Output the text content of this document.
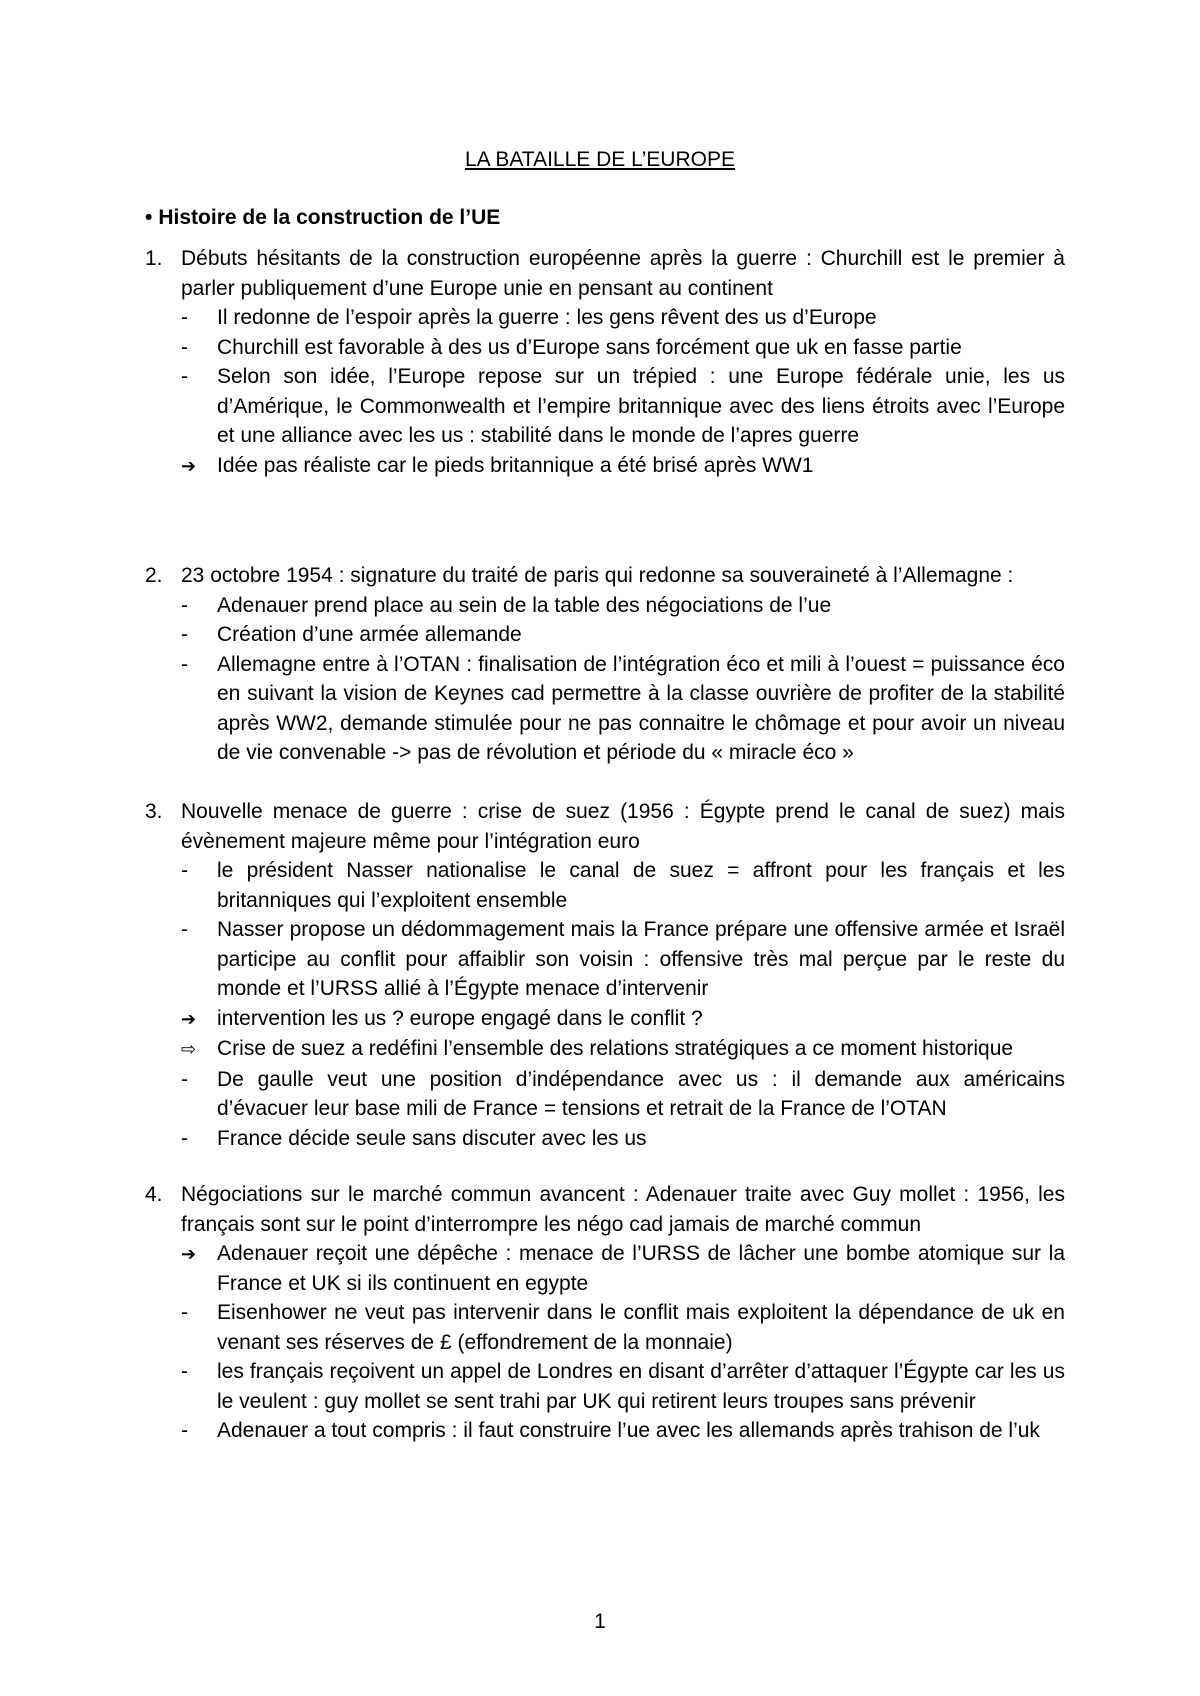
LA BATAILLE DE L’EUROPE
• Histoire de la construction de l’UE
1. Débuts hésitants de la construction européenne après la guerre : Churchill est le premier à parler publiquement d’une Europe unie en pensant au continent
-
Il redonne de l’espoir après la guerre : les gens rêvent des us d’Europe
-
Churchill est favorable à des us d’Europe sans forcément que uk en fasse partie
-
Selon son idée, l’Europe repose sur un trépied : une Europe fédérale unie, les us d’Amérique, le Commonwealth et l’empire britannique avec des liens étroits avec l’Europe et une alliance avec les us : stabilité dans le monde de l’apres guerre
➔
Idée pas réaliste car le pieds britannique a été brisé après WW1
2. 23 octobre 1954 : signature du traité de paris qui redonne sa souveraineté à l’Allemagne :
-
Adenauer prend place au sein de la table des négociations de l’ue
-
Création d’une armée allemande
-
Allemagne entre à l’OTAN : finalisation de l’intégration éco et mili à l’ouest = puissance éco en suivant la vision de Keynes cad permettre à la classe ouvrière de profiter de la stabilité après WW2, demande stimulée pour ne pas connaitre le chômage et pour avoir un niveau de vie convenable -> pas de révolution et période du « miracle éco »
3. Nouvelle menace de guerre : crise de suez (1956 : Égypte prend le canal de suez) mais évènement majeure même pour l’intégration euro
-
le président Nasser nationalise le canal de suez = affront pour les français et les britanniques qui l’exploitent ensemble
-
Nasser propose un dédommagement mais la France prépare une offensive armée et Israël participe au conflit pour affaiblir son voisin : offensive très mal perçue par le reste du monde et l’URSS allié à l’Égypte menace d’intervenir
➔
intervention les us ? europe engagé dans le conflit ?
⇨
Crise de suez a redéfini l’ensemble des relations stratégiques a ce moment historique
-
De gaulle veut une position d’indépendance avec us : il demande aux américains d’évacuer leur base mili de France = tensions et retrait de la France de l’OTAN
-
France décide seule sans discuter avec les us
4. Négociations sur le marché commun avancent : Adenauer traite avec Guy mollet : 1956, les français sont sur le point d’interrompre les négo cad jamais de marché commun
➔
Adenauer reçoit une dépêche : menace de l’URSS de lâcher une bombe atomique sur la France et UK si ils continuent en egypte
-
Eisenhower ne veut pas intervenir dans le conflit mais exploitent la dépendance de uk en venant ses réserves de £ (effondrement de la monnaie)
-
les français reçoivent un appel de Londres en disant d’arrêter d’attaquer l’Égypte car les us le veulent : guy mollet se sent trahi par UK qui retirent leurs troupes sans prévenir
-
Adenauer a tout compris : il faut construire l’ue avec les allemands après trahison de l’uk
1
